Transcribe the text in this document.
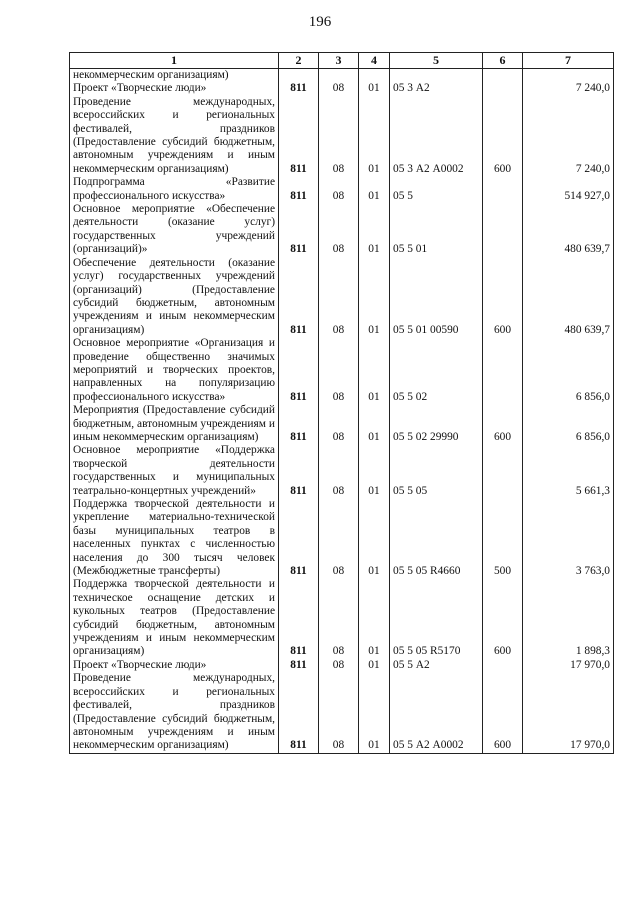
196
1	2	3	4	5	6	7
некоммерческим организациям)						
Проект «Творческие люди»	811	08	01	05 3 А2		7 240,0
Проведение международных, всероссийских и региональных фестивалей, праздников (Предоставление субсидий бюджетным, автономным учреждениям и иным некоммерческим организациям)	811	08	01	05 3 А2 А0002	600	7 240,0
Подпрограмма «Развитие профессионального искусства»	811	08	01	05 5		514 927,0
Основное мероприятие «Обеспечение деятельности (оказание услуг) государственных учреждений (организаций)»	811	08	01	05 5 01		480 639,7
Обеспечение деятельности (оказание услуг) государственных учреждений (организаций) (Предоставление субсидий бюджетным, автономным учреждениям и иным некоммерческим организациям)	811	08	01	05 5 01 00590	600	480 639,7
Основное мероприятие «Организация и проведение общественно значимых мероприятий и творческих проектов, направленных на популяризацию профессионального искусства»	811	08	01	05 5 02		6 856,0
Мероприятия (Предоставление субсидий бюджетным, автономным учреждениям и иным некоммерческим организациям)	811	08	01	05 5 02 29990	600	6 856,0
Основное мероприятие «Поддержка творческой деятельности государственных и муниципальных театрально-концертных учреждений»	811	08	01	05 5 05		5 661,3
Поддержка творческой деятельности и укрепление материально-технической базы муниципальных театров в населенных пунктах с численностью населения до 300 тысяч человек (Межбюджетные трансферты)	811	08	01	05 5 05 R4660	500	3 763,0
Поддержка творческой деятельности и техническое оснащение детских и кукольных театров (Предоставление субсидий бюджетным, автономным учреждениям и иным некоммерческим организациям)	811	08	01	05 5 05 R5170	600	1 898,3
Проект «Творческие люди»	811	08	01	05 5 А2		17 970,0
Проведение международных, всероссийских и региональных фестивалей, праздников (Предоставление субсидий бюджетным, автономным учреждениям и иным некоммерческим организациям)	811	08	01	05 5 А2 А0002	600	17 970,0
